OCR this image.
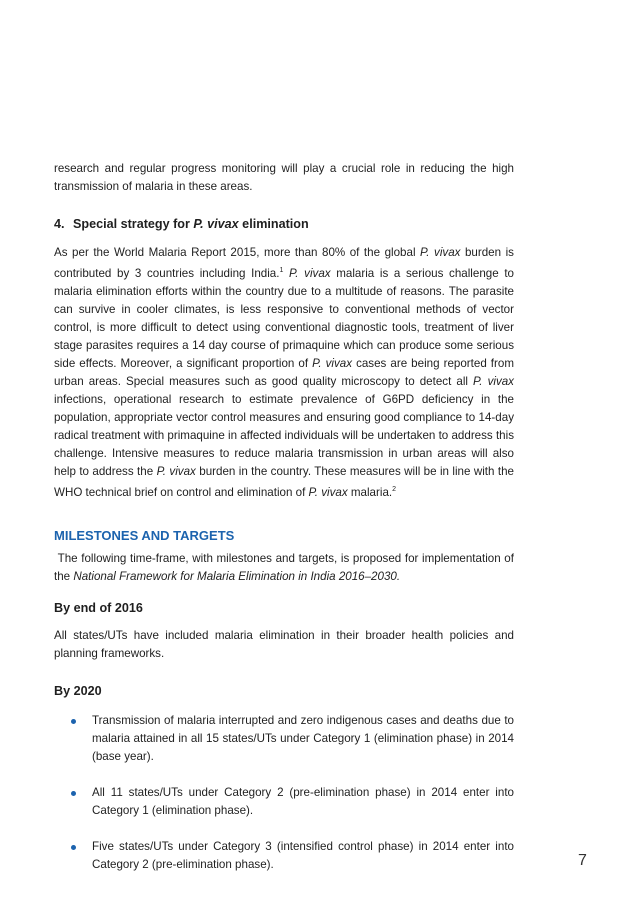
research and regular progress monitoring will play a crucial role in reducing the high transmission of malaria in these areas.

4. Special strategy for P. vivax elimination

As per the World Malaria Report 2015, more than 80% of the global P. vivax burden is contributed by 3 countries including India.$^1$ P. vivax malaria is a serious challenge to malaria elimination efforts within the country due to a multitude of reasons. The parasite can survive in cooler climates, is less responsive to conventional methods of vector control, is more difficult to detect using conventional diagnostic tools, treatment of liver stage parasites requires a 14 day course of primaquine which can produce some serious side effects. Moreover, a significant proportion of P. vivax cases are being reported from urban areas. Special measures such as good quality microscopy to detect all P. vivax infections, operational research to estimate prevalence of G6PD deficiency in the population, appropriate vector control measures and ensuring good compliance to 14-day radical treatment with primaquine in affected individuals will be undertaken to address this challenge. Intensive measures to reduce malaria transmission in urban areas will also help to address the P. vivax burden in the country. These measures will be in line with the WHO technical brief on control and elimination of P. vivax malaria.$^2$

MILESTONES AND TARGETS

The following time-frame, with milestones and targets, is proposed for implementation of the National Framework for Malaria Elimination in India 2016–2030.

By end of 2016

All states/UTs have included malaria elimination in their broader health policies and planning frameworks.

By 2020
Transmission of malaria interrupted and zero indigenous cases and deaths due to malaria attained in all 15 states/UTs under Category 1 (elimination phase) in 2014 (base year).
All 11 states/UTs under Category 2 (pre-elimination phase) in 2014 enter into Category 1 (elimination phase).
Five states/UTs under Category 3 (intensified control phase) in 2014 enter into Category 2 (pre-elimination phase).	7
